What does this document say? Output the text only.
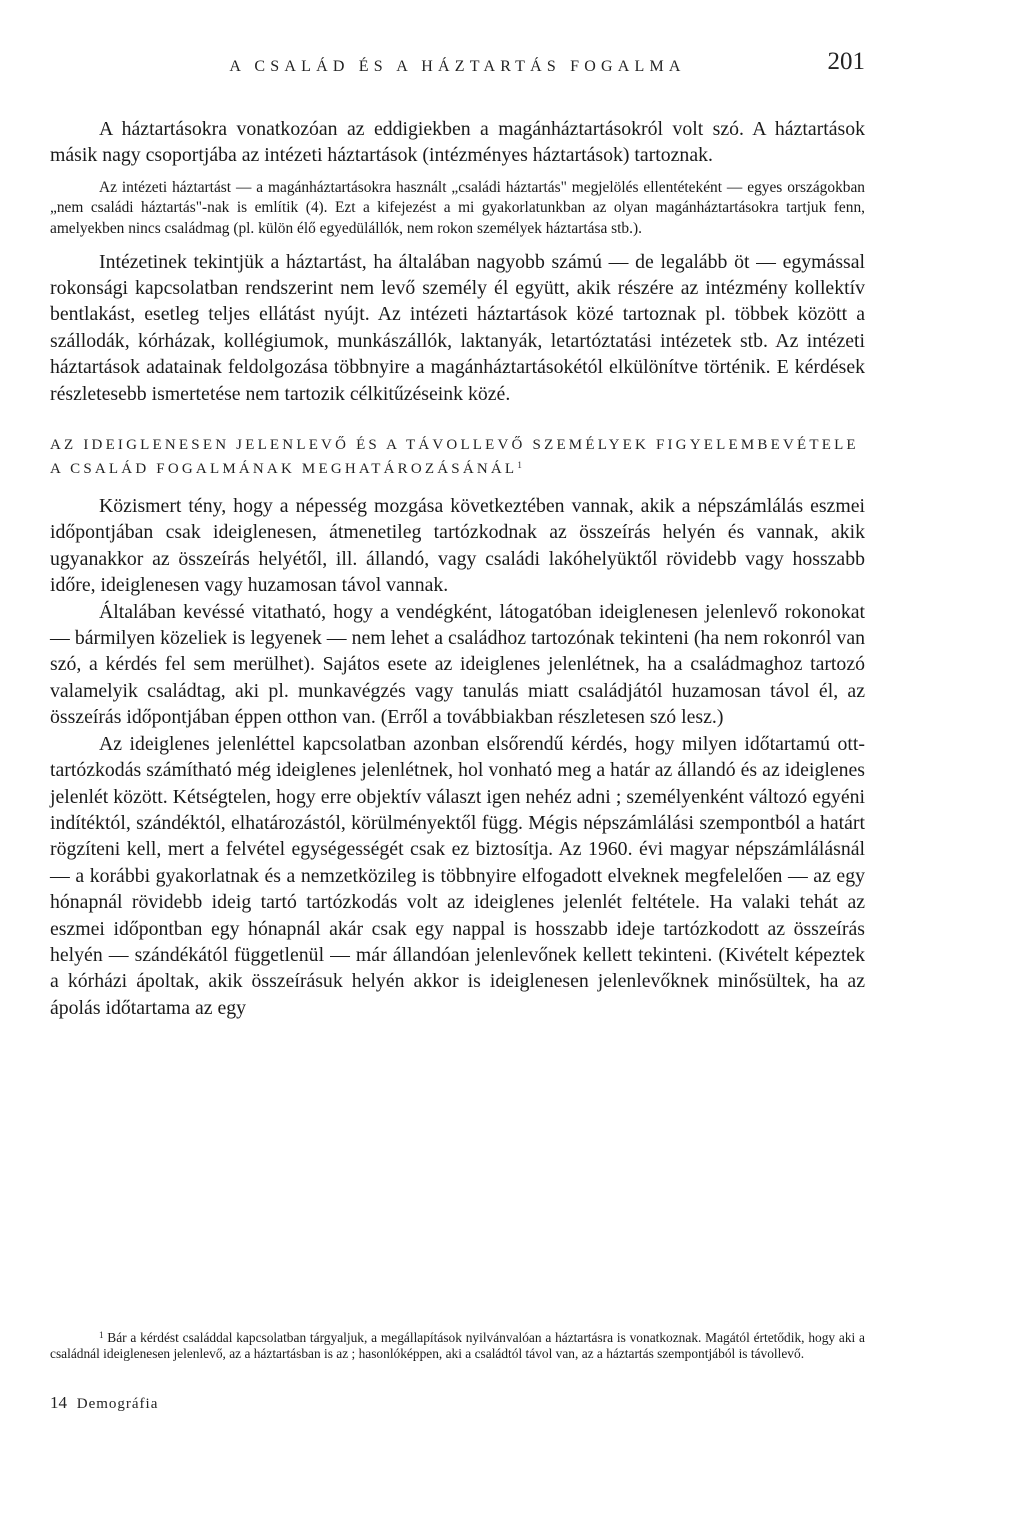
A CSALÁD ÉS A HÁZTARTÁS FOGALMA	201

A háztartásokra vonatkozóan az eddigiekben a magánháztartásokról volt szó. A háztartások másik nagy csoportjába az intézeti háztartások (intézményes háztartások) tartoznak.

Az intézeti háztartást — a magánháztartásokra használt „családi háztartás" megjelölés ellentéteként — egyes országokban „nem családi háztartás"-nak is említik (4). Ezt a kifejezést a mi gyakorlatunkban az olyan magánháztartásokra tartjuk fenn, amelyekben nincs családmag (pl. külön élő egyedülállók, nem rokon személyek háztartása stb.).

Intézetinek tekintjük a háztartást, ha általában nagyobb számú — de legalább öt — egymással rokonsági kapcsolatban rendszerint nem levő személy él együtt, akik részére az intézmény kollektív bentlakást, esetleg teljes ellátást nyújt. Az intézeti háztartások közé tartoznak pl. többek között a szállodák, kórházak, kollégiumok, munkászállók, laktanyák, letartóztatási intézetek stb. Az intézeti háztartások adatainak feldolgozása többnyire a magánháztartásokétól elkülönítve történik. E kérdések részletesebb ismertetése nem tartozik célkitűzéseink közé.

AZ IDEIGLENESEN JELENLEVŐ ÉS A TÁVOLLEVŐ SZEMÉLYEK FIGYELEMBEVÉTELE A CSALÁD FOGALMÁNAK MEGHATÁROZÁSÁNÁL$^1$

Közismert tény, hogy a népesség mozgása következtében vannak, akik a népszámlálás eszmei időpontjában csak ideiglenesen, átmenetileg tartózkodnak az összeírás helyén és vannak, akik ugyanakkor az összeírás helyétől, ill. állandó, vagy családi lakóhelyüktől rövidebb vagy hosszabb időre, ideiglenesen vagy huzamosan távol vannak.

Általában kevéssé vitatható, hogy a vendégként, látogatóban ideiglenesen jelenlevő rokonokat — bármilyen közeliek is legyenek — nem lehet a családhoz tartozónak tekinteni (ha nem rokonról van szó, a kérdés fel sem merülhet). Sajátos esete az ideiglenes jelenlétnek, ha a családmaghoz tartozó valamelyik családtag, aki pl. munkavégzés vagy tanulás miatt családjától huzamosan távol él, az összeírás időpontjában éppen otthon van. (Erről a továbbiakban részletesen szó lesz.)

Az ideiglenes jelenléttel kapcsolatban azonban elsőrendű kérdés, hogy milyen időtartamú ott-tartózkodás számítható még ideiglenes jelenlétnek, hol vonható meg a határ az állandó és az ideiglenes jelenlét között. Kétségtelen, hogy erre objektív választ igen nehéz adni ; személyenként változó egyéni indítéktól, szándéktól, elhatározástól, körülményektől függ. Mégis népszámlálási szempontból a határt rögzíteni kell, mert a felvétel egységességét csak ez biztosítja. Az 1960. évi magyar népszámlálásnál — a korábbi gyakorlatnak és a nemzetközileg is többnyire elfogadott elveknek megfelelően — az egy hónapnál rövidebb ideig tartó tartózkodás volt az ideiglenes jelenlét feltétele. Ha valaki tehát az eszmei időpontban egy hónapnál akár csak egy nappal is hosszabb ideje tartózkodott az összeírás helyén — szándékától függetlenül — már állandóan jelenlevőnek kellett tekinteni. (Kivételt képeztek a kórházi ápoltak, akik összeírásuk helyén akkor is ideiglenesen jelenlevőknek minősültek, ha az ápolás időtartama az egy

$^1$ Bár a kérdést családdal kapcsolatban tárgyaljuk, a megállapítások nyilvánvalóan a háztartásra is vonatkoznak. Magától értetődik, hogy aki a családnál ideiglenesen jelenlevő, az a háztartásban is az ; hasonlóképpen, aki a családtól távol van, az a háztartás szempontjából is távollevő.

14 Demográfia
